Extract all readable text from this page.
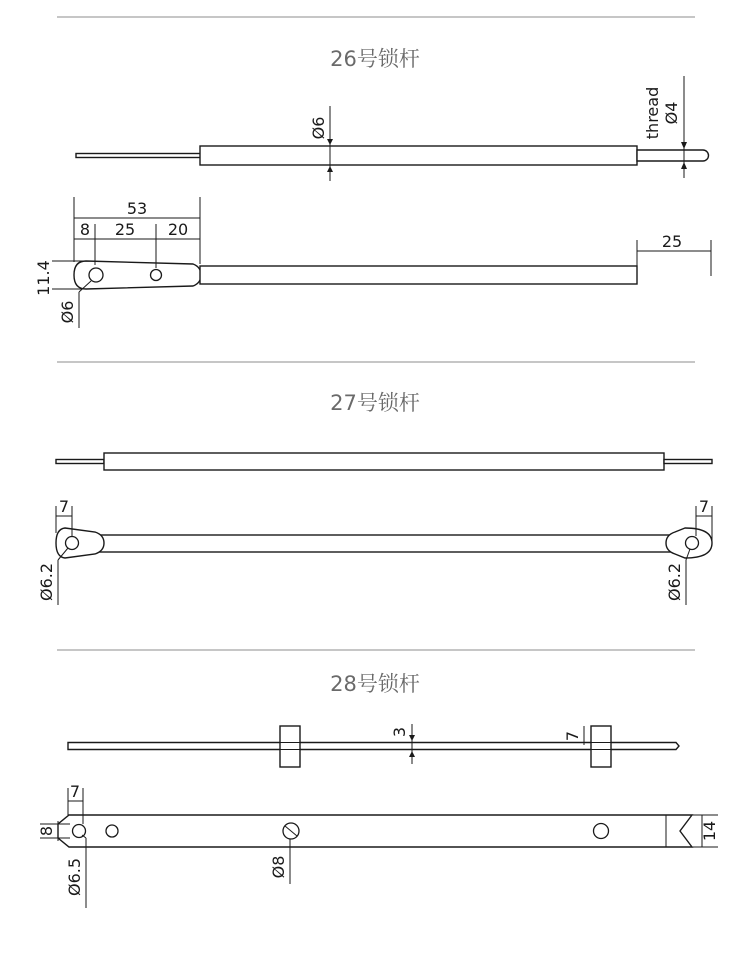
26号锁杆
Ø6	thread Ø4
53
8 25 20
11.4
Ø6
25
27号锁杆
7	7
Ø6.2	Ø6.2
28号锁杆
3	7
7
8
Ø6.5	Ø8
14
